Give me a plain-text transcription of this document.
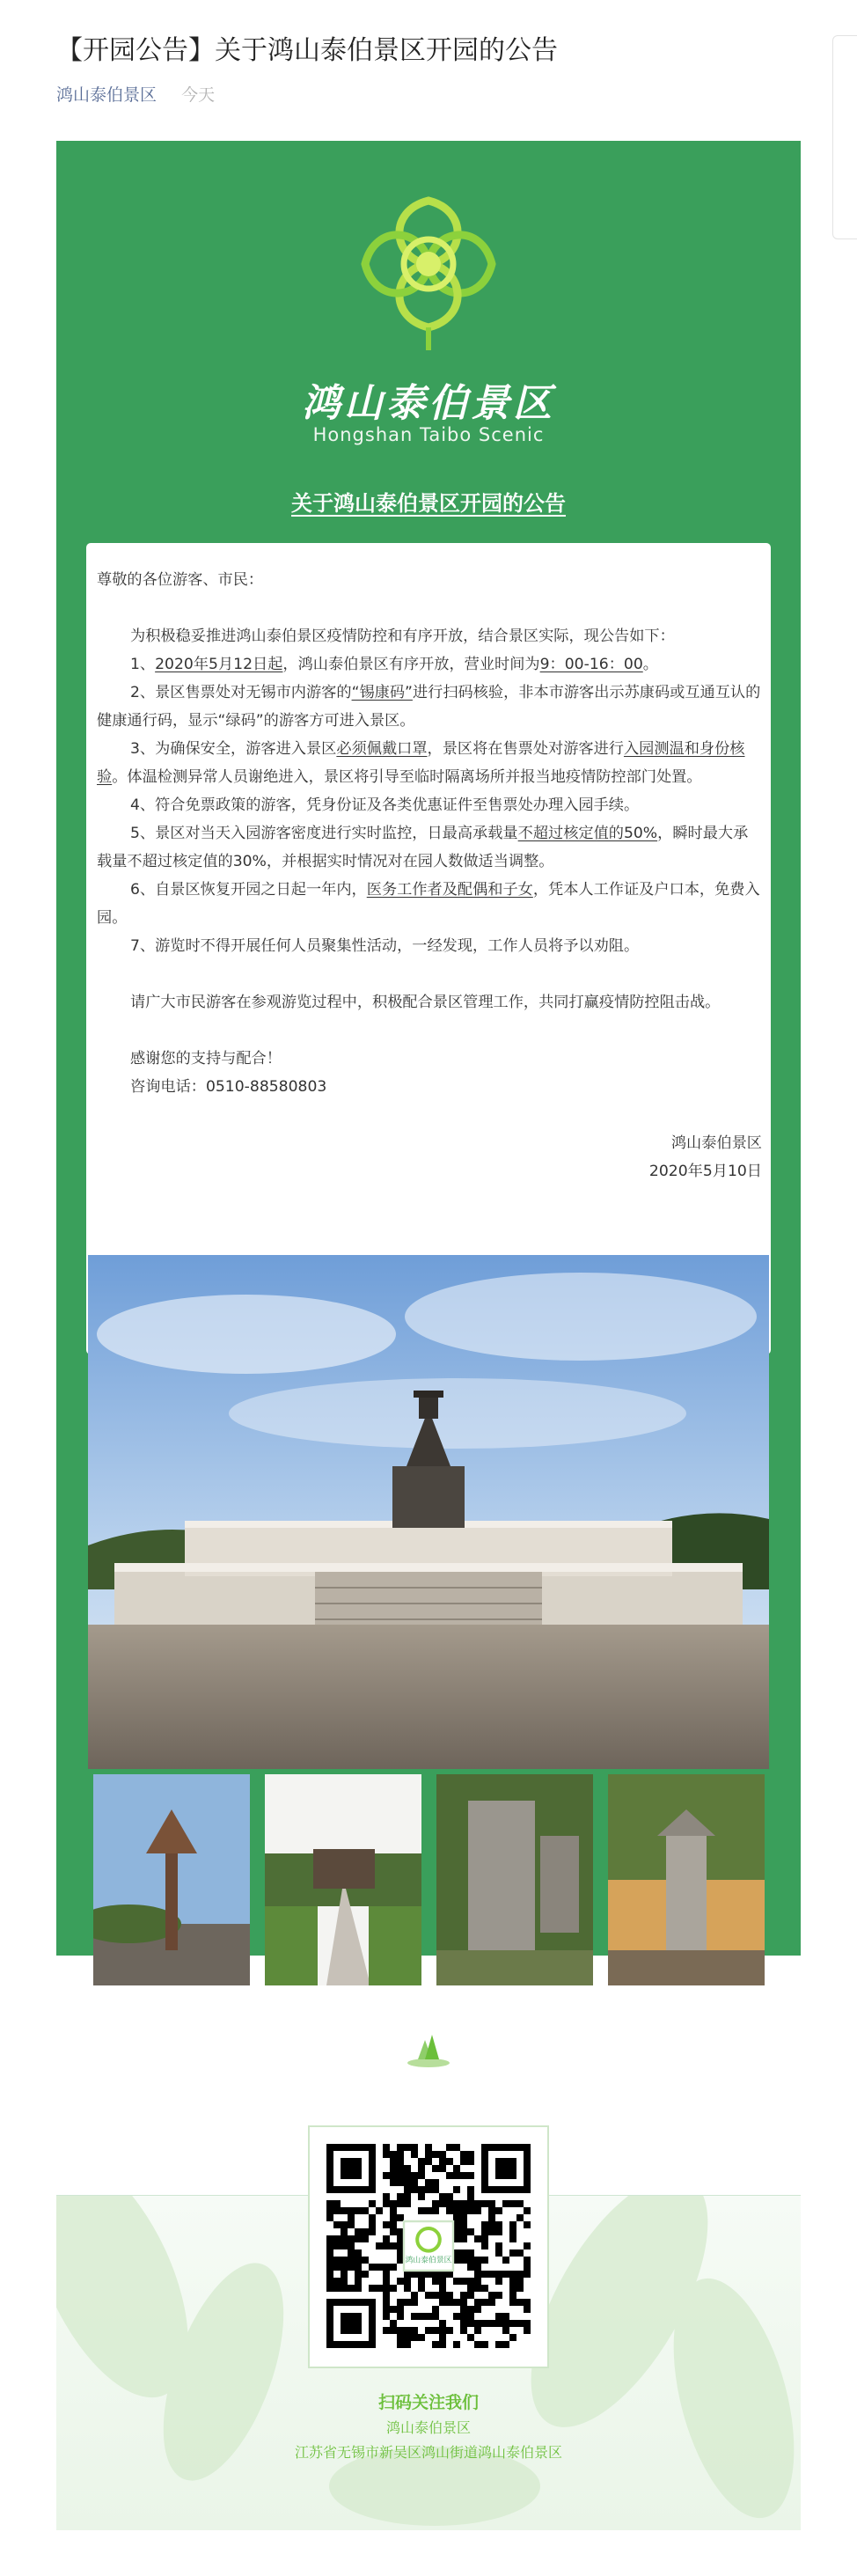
【开园公告】关于鸿山泰伯景区开园的公告
鸿山泰伯景区 今天
鸿山泰伯景区
Hongshan Taibo Scenic
关于鸿山泰伯景区开园的公告

尊敬的各位游客、市民：

为积极稳妥推进鸿山泰伯景区疫情防控和有序开放，结合景区实际，现公告如下：

1、2020年5月12日起，鸿山泰伯景区有序开放，营业时间为9：00-16：00。

2、景区售票处对无锡市内游客的“锡康码”进行扫码核验，非本市游客出示苏康码或互通互认的健康通行码，显示“绿码”的游客方可进入景区。

3、为确保安全，游客进入景区必须佩戴口罩，景区将在售票处对游客进行入园测温和身份核验。体温检测异常人员谢绝进入，景区将引导至临时隔离场所并报当地疫情防控部门处置。

4、符合免票政策的游客，凭身份证及各类优惠证件至售票处办理入园手续。

5、景区对当天入园游客密度进行实时监控，日最高承载量不超过核定值的50%，瞬时最大承载量不超过核定值的30%，并根据实时情况对在园人数做适当调整。

6、自景区恢复开园之日起一年内，医务工作者及配偶和子女，凭本人工作证及户口本，免费入园。

7、游览时不得开展任何人员聚集性活动，一经发现，工作人员将予以劝阻。

请广大市民游客在参观游览过程中，积极配合景区管理工作，共同打赢疫情防控阻击战。

感谢您的支持与配合！

咨询电话：0510-88580803

鸿山泰伯景区

2020年5月10日

鸿山泰伯景区
扫码关注我们
鸿山泰伯景区
江苏省无锡市新吴区鸿山街道鸿山泰伯景区
